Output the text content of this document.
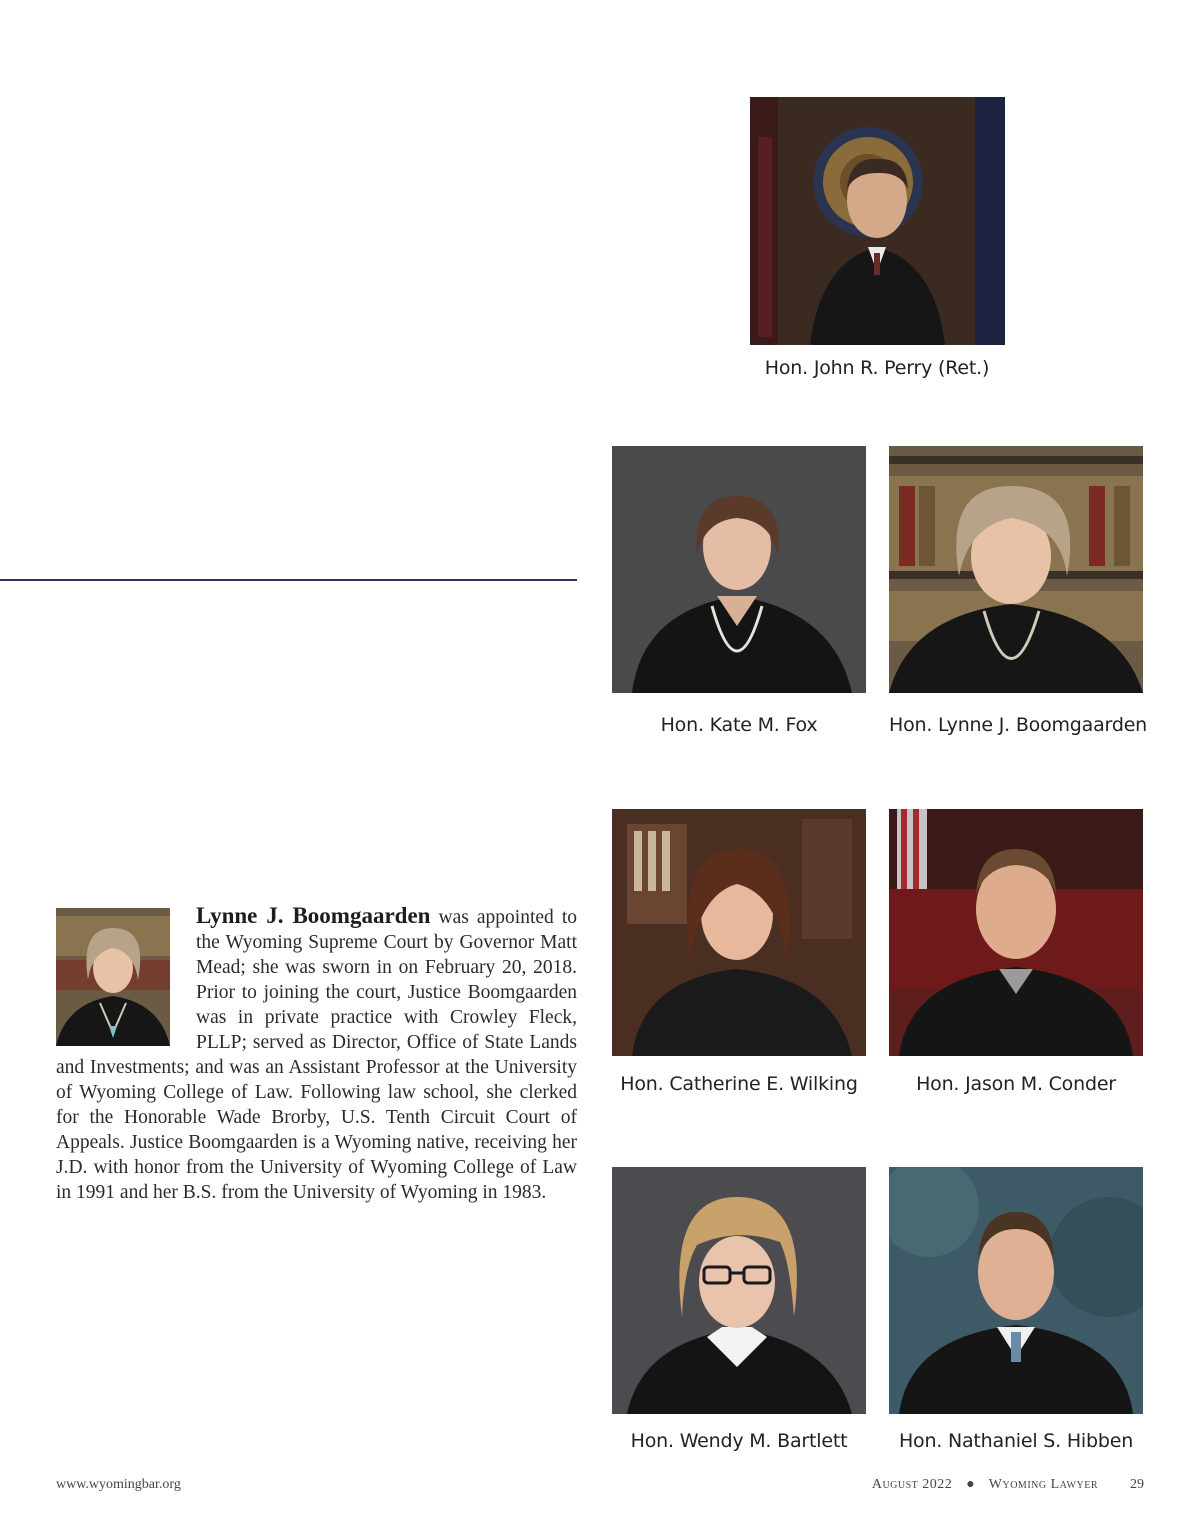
Hon. John R. Perry (Ret.)
Hon. Kate M. Fox	Hon. Lynne J. Boomgaarden
Hon. Catherine E. Wilking	Hon. Jason M. Conder
Hon. Wendy M. Bartlett	Hon. Nathaniel S. Hibben
Lynne J. Boomgaarden was appointed to the Wyoming Supreme Court by Governor Matt Mead; she was sworn in on February 20, 2018. Prior to joining the court, Justice Boomgaarden was in private practice with Crowley Fleck, PLLP; served as Director, Office of State Lands and Investments; and was an Assistant Professor at the University of Wyoming College of Law. Following law school, she clerked for the Honorable Wade Brorby, U.S. Tenth Circuit Court of Appeals. Justice Boomgaarden is a Wyoming native, receiving her J.D. with honor from the University of Wyoming College of Law in 1991 and her B.S. from the University of Wyoming in 1983.
www.wyomingbar.org	August 2022 ● Wyoming Lawyer 29
